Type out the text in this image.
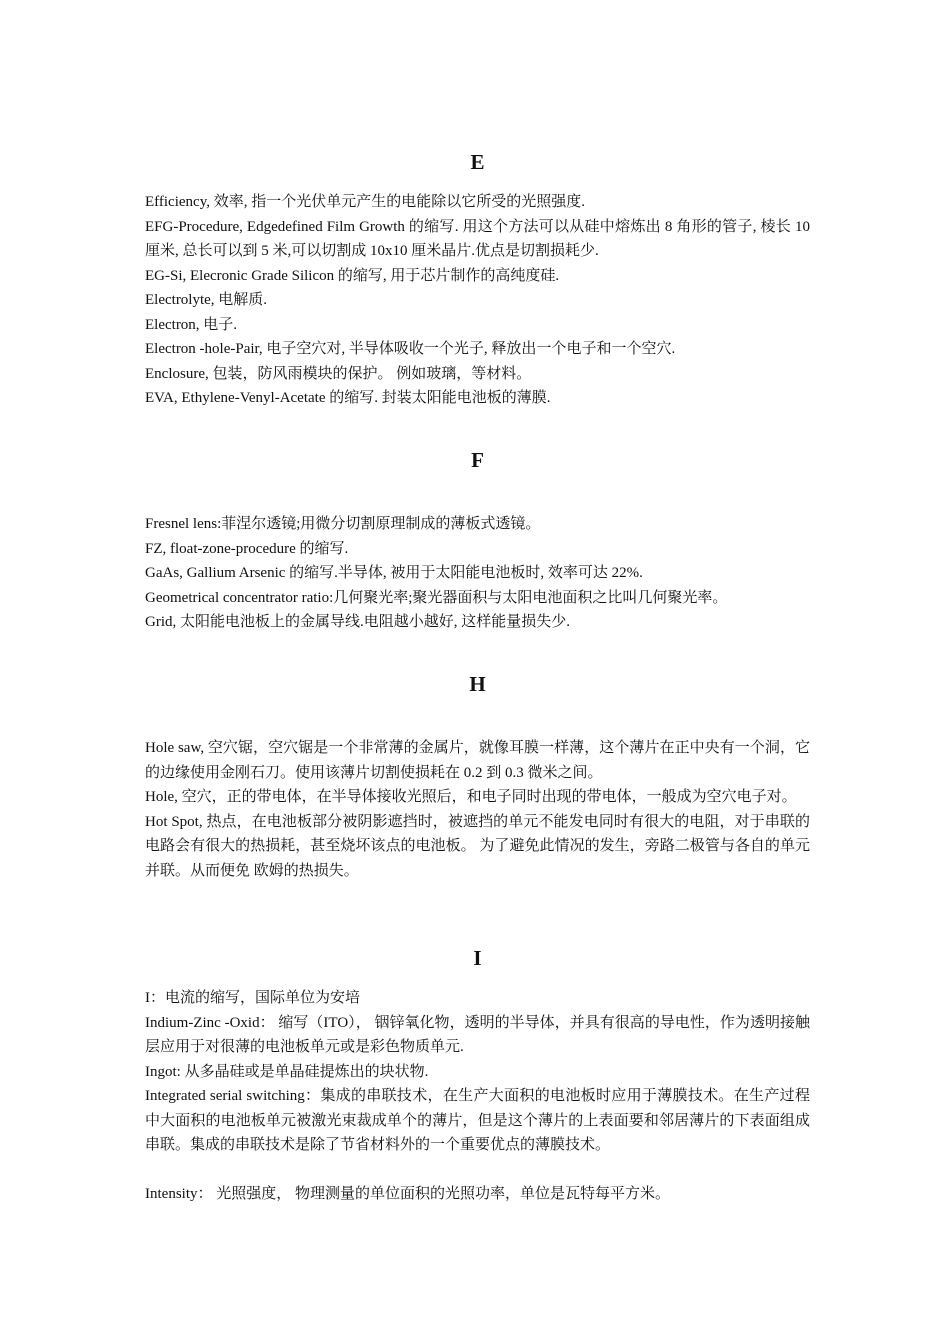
E

Efficiency, 效率, 指一个光伏单元产生的电能除以它所受的光照强度.

EFG-Procedure, Edgedefined Film Growth 的缩写. 用这个方法可以从硅中熔炼出 8 角形的管子, 棱长 10 厘米, 总长可以到 5 米,可以切割成 10x10 厘米晶片.优点是切割损耗少.

EG-Si, Elecronic Grade Silicon 的缩写, 用于芯片制作的高纯度硅.

Electrolyte, 电解质.

Electron, 电子.

Electron -hole-Pair, 电子空穴对, 半导体吸收一个光子, 释放出一个电子和一个空穴.

Enclosure, 包装，防风雨模块的保护。 例如玻璃，等材料。

EVA, Ethylene-Venyl-Acetate 的缩写. 封装太阳能电池板的薄膜.

F

Fresnel lens:菲涅尔透镜;用微分切割原理制成的薄板式透镜。

FZ, float-zone-procedure 的缩写.

GaAs, Gallium Arsenic 的缩写.半导体, 被用于太阳能电池板时, 效率可达 22%.

Geometrical concentrator ratio:几何聚光率;聚光器面积与太阳电池面积之比叫几何聚光率。

Grid, 太阳能电池板上的金属导线.电阻越小越好, 这样能量损失少.

H

Hole saw, 空穴锯，空穴锯是一个非常薄的金属片，就像耳膜一样薄，这个薄片在正中央有一个洞，它的边缘使用金刚石刀。使用该薄片切割使损耗在 0.2 到 0.3 微米之间。

Hole, 空穴，正的带电体，在半导体接收光照后，和电子同时出现的带电体，一般成为空穴电子对。

Hot Spot, 热点，在电池板部分被阴影遮挡时，被遮挡的单元不能发电同时有很大的电阻，对于串联的电路会有很大的热损耗，甚至烧坏该点的电池板。 为了避免此情况的发生，旁路二极管与各自的单元并联。从而便免 欧姆的热损失。

I

I：电流的缩写，国际单位为安培

Indium-Zinc -Oxid： 缩写（ITO）， 铟锌氧化物，透明的半导体，并具有很高的导电性，作为透明接触层应用于对很薄的电池板单元或是彩色物质单元.

Ingot: 从多晶硅或是单晶硅提炼出的块状物.

Integrated serial switching：集成的串联技术，在生产大面积的电池板时应用于薄膜技术。在生产过程中大面积的电池板单元被激光束裁成单个的薄片，但是这个薄片的上表面要和邻居薄片的下表面组成串联。集成的串联技术是除了节省材料外的一个重要优点的薄膜技术。

Intensity： 光照强度， 物理测量的单位面积的光照功率，单位是瓦特每平方米。
